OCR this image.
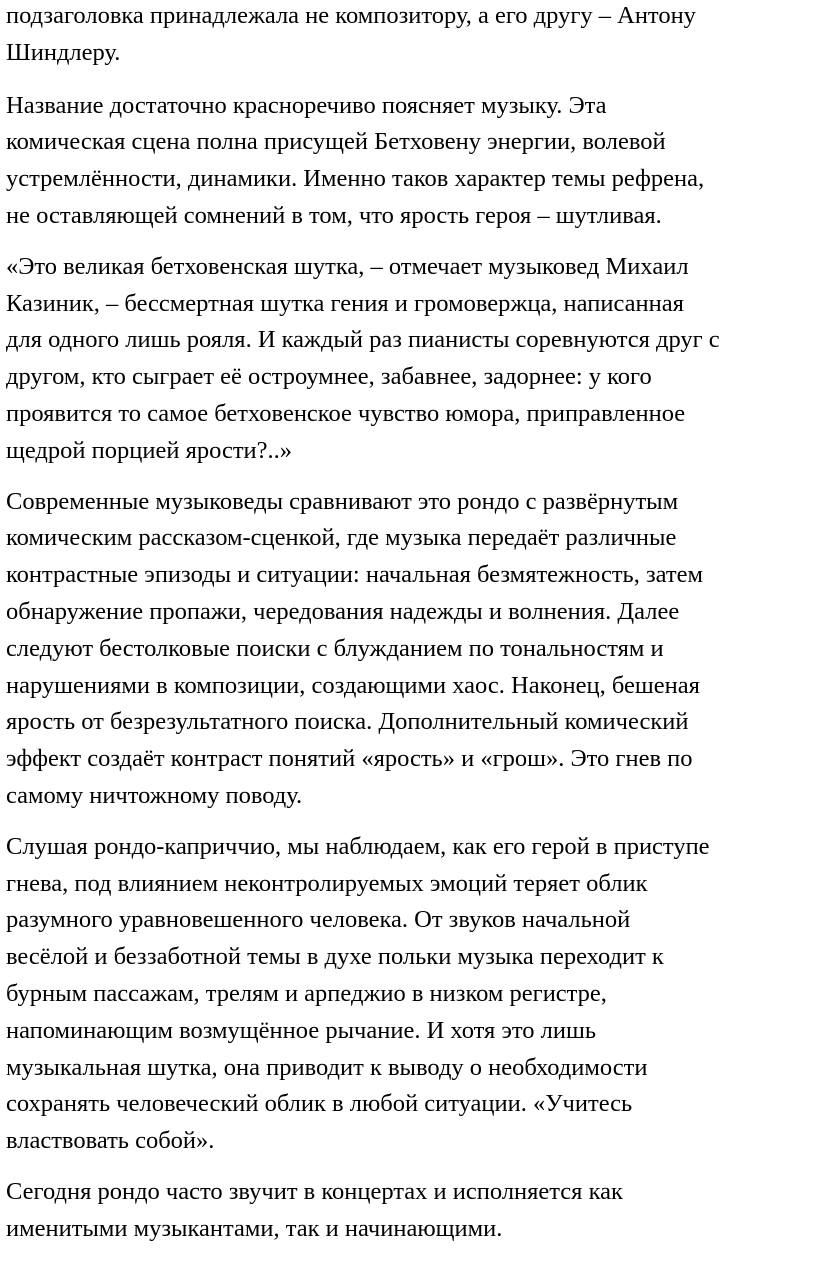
подзаголовка принадлежала не композитору, а его другу – Антону
Шиндлеру.

Название достаточно красноречиво поясняет музыку. Эта
комическая сцена полна присущей Бетховену энергии, волевой
устремлённости, динамики. Именно таков характер темы рефрена,
не оставляющей сомнений в том, что ярость героя – шутливая.

«Это великая бетховенская шутка, – отмечает музыковед Михаил
Казиник, – бессмертная шутка гения и громовержца, написанная
для одного лишь рояля. И каждый раз пианисты соревнуются друг с
другом, кто сыграет её остроумнее, забавнее, задорнее: у кого
проявится то самое бетховенское чувство юмора, приправленное
щедрой порцией ярости?..»

Современные музыковеды сравнивают это рондо с развёрнутым
комическим рассказом-сценкой, где музыка передаёт различные
контрастные эпизоды и ситуации: начальная безмятежность, затем
обнаружение пропажи, чередования надежды и волнения. Далее
следуют бестолковые поиски с блужданием по тональностям и
нарушениями в композиции, создающими хаос. Наконец, бешеная
ярость от безрезультатного поиска. Дополнительный комический
эффект создаёт контраст понятий «ярость» и «грош». Это гнев по
самому ничтожному поводу.

Слушая рондо-каприччио, мы наблюдаем, как его герой в приступе
гнева, под влиянием неконтролируемых эмоций теряет облик
разумного уравновешенного человека. От звуков начальной
весёлой и беззаботной темы в духе польки музыка переходит к
бурным пассажам, трелям и арпеджио в низком регистре,
напоминающим возмущённое рычание. И хотя это лишь
музыкальная шутка, она приводит к выводу о необходимости
сохранять человеческий облик в любой ситуации. «Учитесь
властвовать собой».

Сегодня рондо часто звучит в концертах и исполняется как
именитыми музыкантами, так и начинающими.
